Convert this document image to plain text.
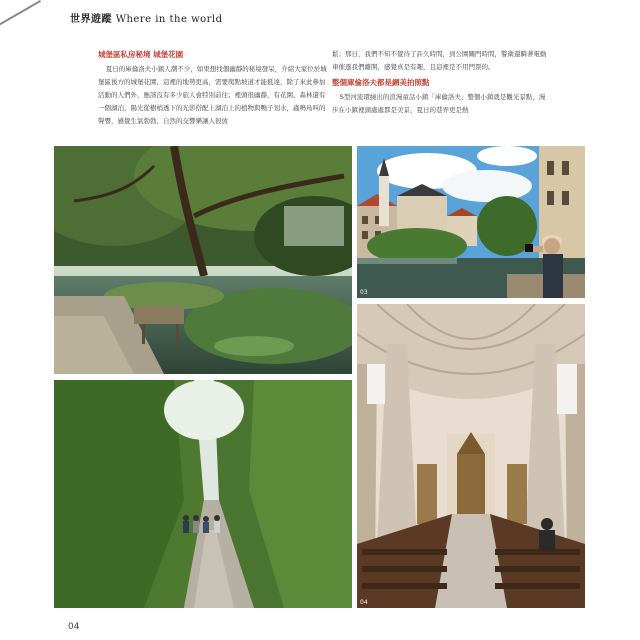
世界遊蹤 Where in the world

城堡區私房秘境 城堡花園

夏日的庫倫洛夫小鎮人潮不少，如果想找個幽靜的秘境發呆，介紹大家位於城堡區後方的城堡花園，這裡的地勢更高，需要爬點坡道才能抵達，除了來此參加活動的人們外，應該沒有多少旅人會特別前往；裡頭很幽靜，有花園、森林還有一個湖泊，陽光從樹梢透下的光影搭配上湖泊上的植物與鴨子划水，蟲鳴鳥叫的聲響，感覺生氣勃勃，自然的交響樂讓人很放

鬆；那日，我們不知不覺待了許久時間，到公園關門時間，警衛還騎著電動車催逐我們離開，感覺真是有趣，且這裡是不用門票的。

整個庫倫洛夫都是網美拍照點

S型河流環繞出的浪漫童話小鎮「庫倫洛夫」整個小鎮就是觀光景點，漫步在小鎮裡頭處處都是美景，夏日的巷弄更是熱

03
04
04
